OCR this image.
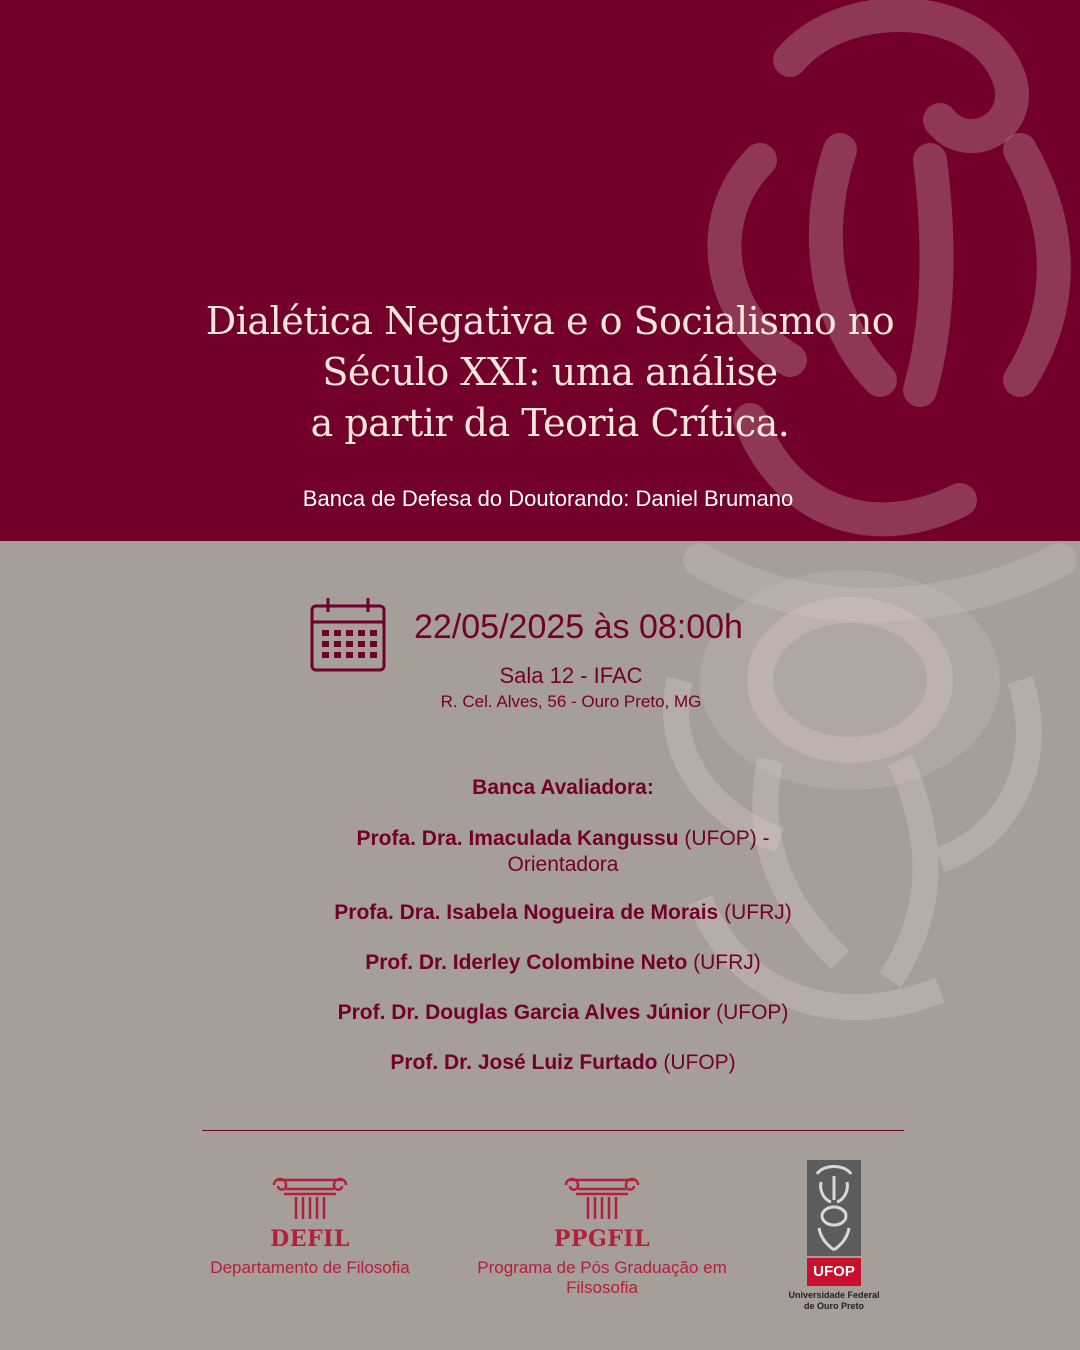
Dialética Negativa e o Socialismo no
Século XXI: uma análise
a partir da Teoria Crítica.
Banca de Defesa do Doutorando: Daniel Brumano
22/05/2025 às 08:00h
Sala 12 - IFAC
R. Cel. Alves, 56 - Ouro Preto, MG
Banca Avaliadora:
Profa. Dra. Imaculada Kangussu (UFOP) -
Orientadora
Profa. Dra. Isabela Nogueira de Morais (UFRJ)
Prof. Dr. Iderley Colombine Neto (UFRJ)
Prof. Dr. Douglas Garcia Alves Júnior (UFOP)
Prof. Dr. José Luiz Furtado (UFOP)
DEFIL
Departamento de Filosofia
PPGFIL
Programa de Pós Graduação em
Filsosofia
UFOP
Universidade Federal
de Ouro Preto
